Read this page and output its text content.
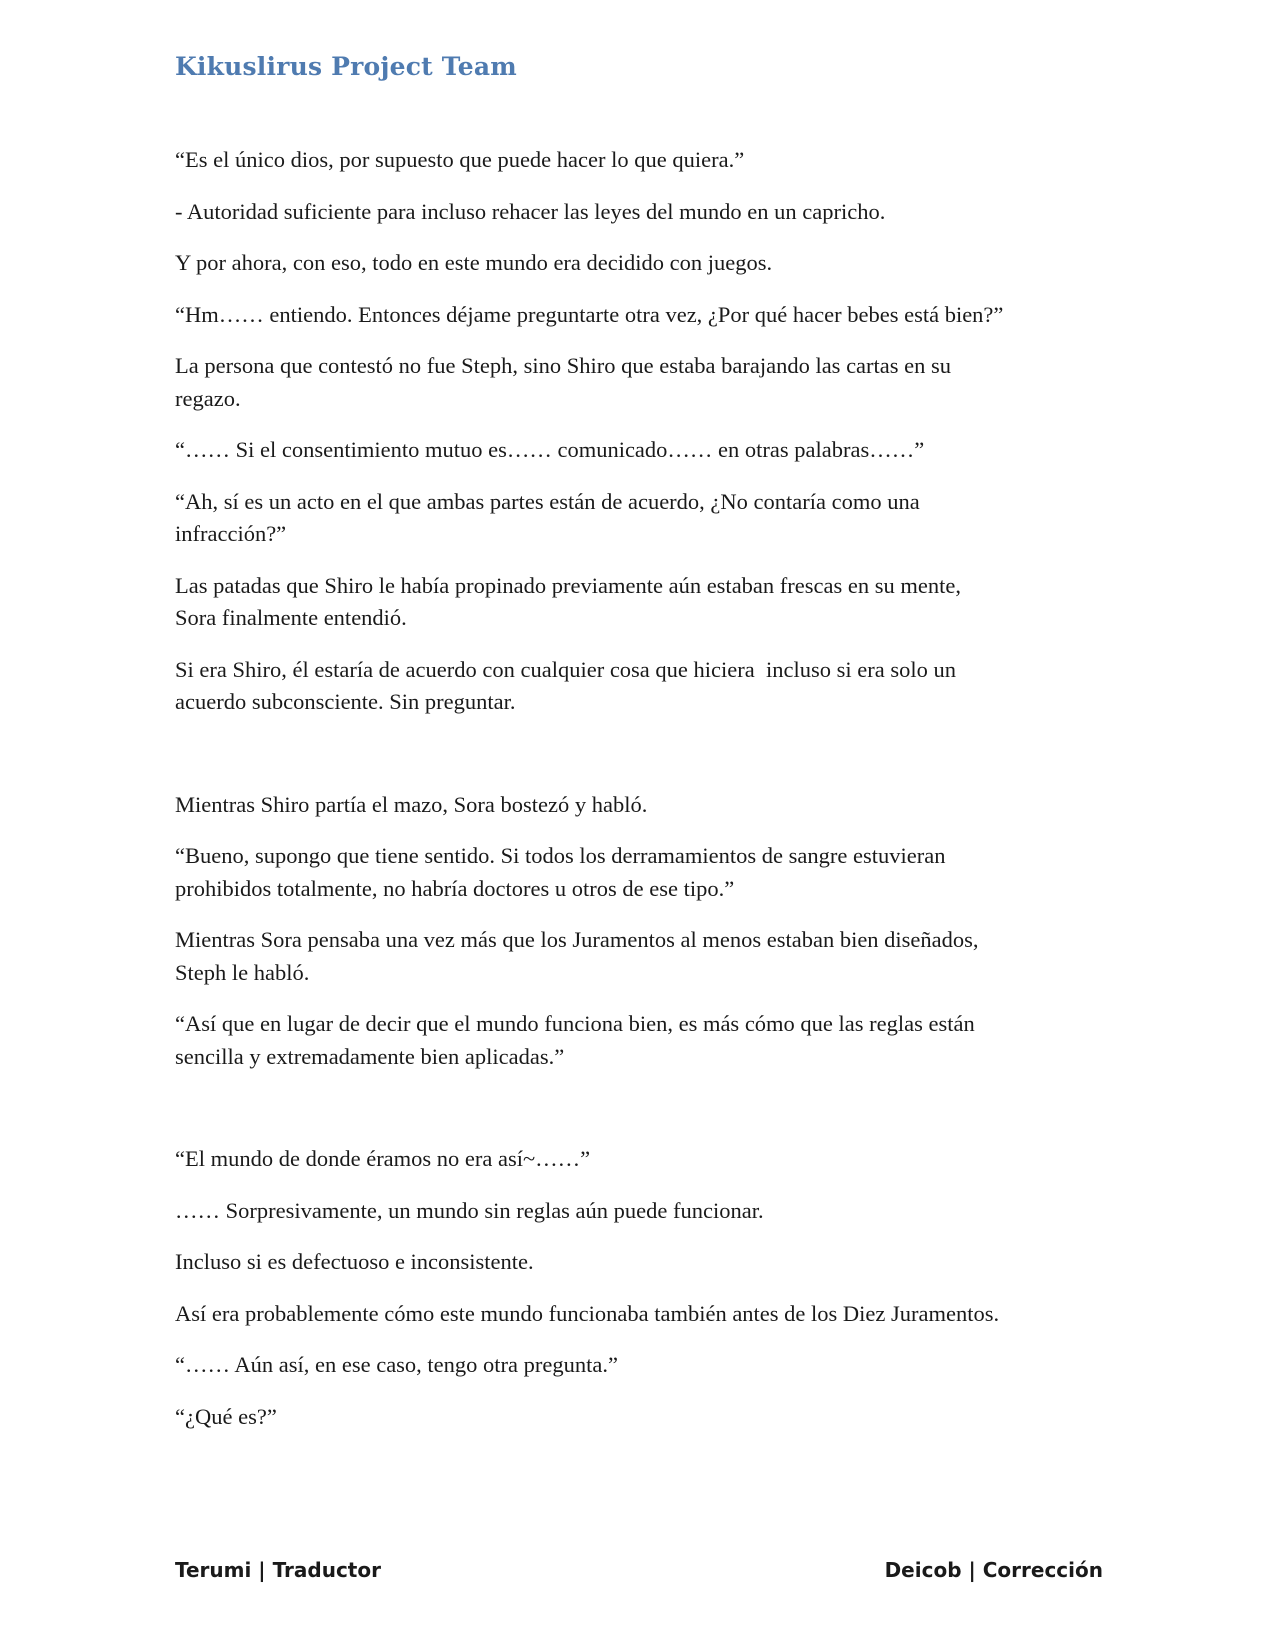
Kikuslirus Project Team

“Es el único dios, por supuesto que puede hacer lo que quiera.”

- Autoridad suficiente para incluso rehacer las leyes del mundo en un capricho.

Y por ahora, con eso, todo en este mundo era decidido con juegos.

“Hm…… entiendo. Entonces déjame preguntarte otra vez, ¿Por qué hacer bebes está bien?”

La persona que contestó no fue Steph, sino Shiro que estaba barajando las cartas en su
regazo.

“…… Si el consentimiento mutuo es…… comunicado…… en otras palabras……”

“Ah, sí es un acto en el que ambas partes están de acuerdo, ¿No contaría como una
infracción?”

Las patadas que Shiro le había propinado previamente aún estaban frescas en su mente,
Sora finalmente entendió.

Si era Shiro, él estaría de acuerdo con cualquier cosa que hiciera  incluso si era solo un
acuerdo subconsciente. Sin preguntar.

Mientras Shiro partía el mazo, Sora bostezó y habló.

“Bueno, supongo que tiene sentido. Si todos los derramamientos de sangre estuvieran
prohibidos totalmente, no habría doctores u otros de ese tipo.”

Mientras Sora pensaba una vez más que los Juramentos al menos estaban bien diseñados,
Steph le habló.

“Así que en lugar de decir que el mundo funciona bien, es más cómo que las reglas están
sencilla y extremadamente bien aplicadas.”

“El mundo de donde éramos no era así~……”

…… Sorpresivamente, un mundo sin reglas aún puede funcionar.

Incluso si es defectuoso e inconsistente.

Así era probablemente cómo este mundo funcionaba también antes de los Diez Juramentos.

“…… Aún así, en ese caso, tengo otra pregunta.”

“¿Qué es?”

Terumi | Traductor	Deicob | Corrección
